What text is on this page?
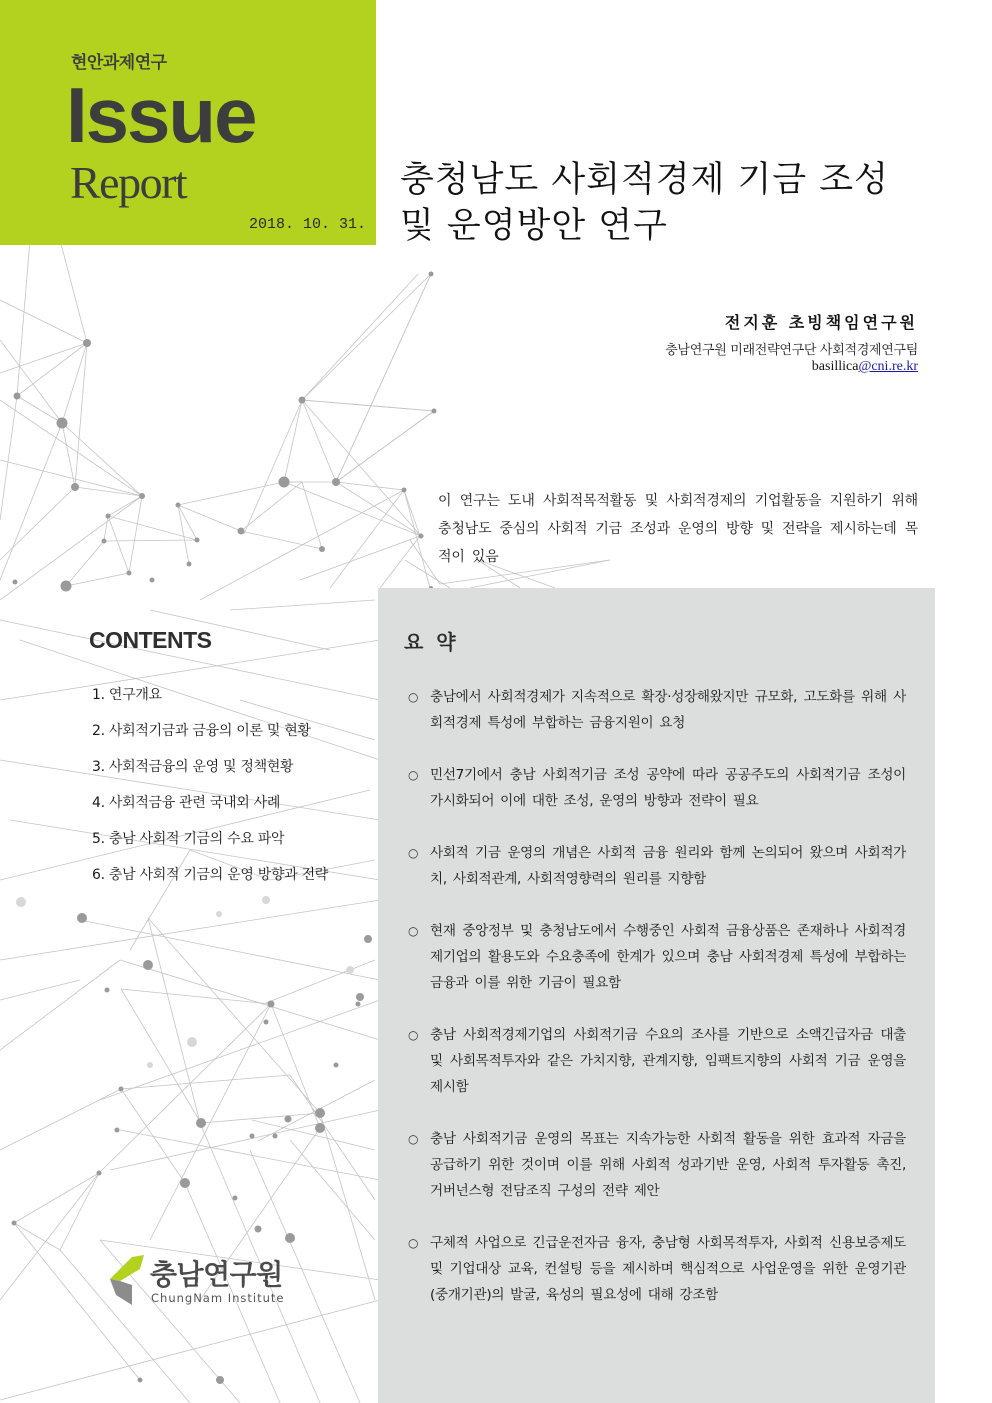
현안과제연구
Issue
Report
2018. 10. 31.
충청남도 사회적경제 기금 조성
및 운영방안 연구
전지훈 초빙책임연구원
충남연구원 미래전략연구단 사회적경제연구팀
basillica@cni.re.kr

이 연구는 도내 사회적목적활동 및 사회적경제의 기업활동을 지원하기 위해 충청남도 중심의 사회적 기금 조성과 운영의 방향 및 전략을 제시하는데 목적이 있음

CONTENTS
1. 연구개요
2. 사회적기금과 금융의 이론 및 현황
3. 사회적금융의 운영 및 정책현황
4. 사회적금융 관련 국내외 사례
5. 충남 사회적 기금의 수요 파악
6. 충남 사회적 기금의 운영 방향과 전략
요 약
○ 충남에서 사회적경제가 지속적으로 확장·성장해왔지만 규모화, 고도화를 위해 사회적경제 특성에 부합하는 금융지원이 요청
○ 민선7기에서 충남 사회적기금 조성 공약에 따라 공공주도의 사회적기금 조성이 가시화되어 이에 대한 조성, 운영의 방향과 전략이 필요
○ 사회적 기금 운영의 개념은 사회적 금융 원리와 함께 논의되어 왔으며 사회적가치, 사회적관계, 사회적영향력의 원리를 지향함
○ 현재 중앙정부 및 충청남도에서 수행중인 사회적 금융상품은 존재하나 사회적경제기업의 활용도와 수요충족에 한계가 있으며 충남 사회적경제 특성에 부합하는 금융과 이를 위한 기금이 필요함
○ 충남 사회적경제기업의 사회적기금 수요의 조사를 기반으로 소액긴급자금 대출 및 사회목적투자와 같은 가치지향, 관계지향, 임팩트지향의 사회적 기금 운영을 제시함
○ 충남 사회적기금 운영의 목표는 지속가능한 사회적 활동을 위한 효과적 자금을 공급하기 위한 것이며 이를 위해 사회적 성과기반 운영, 사회적 투자활동 촉진, 거버넌스형 전담조직 구성의 전략 제안
○ 구체적 사업으로 긴급운전자금 융자, 충남형 사회목적투자, 사회적 신용보증제도 및 기업대상 교육, 컨설팅 등을 제시하며 핵심적으로 사업운영을 위한 운영기관(중개기관)의 발굴, 육성의 필요성에 대해 강조함
충남연구원
ChungNam Institute
